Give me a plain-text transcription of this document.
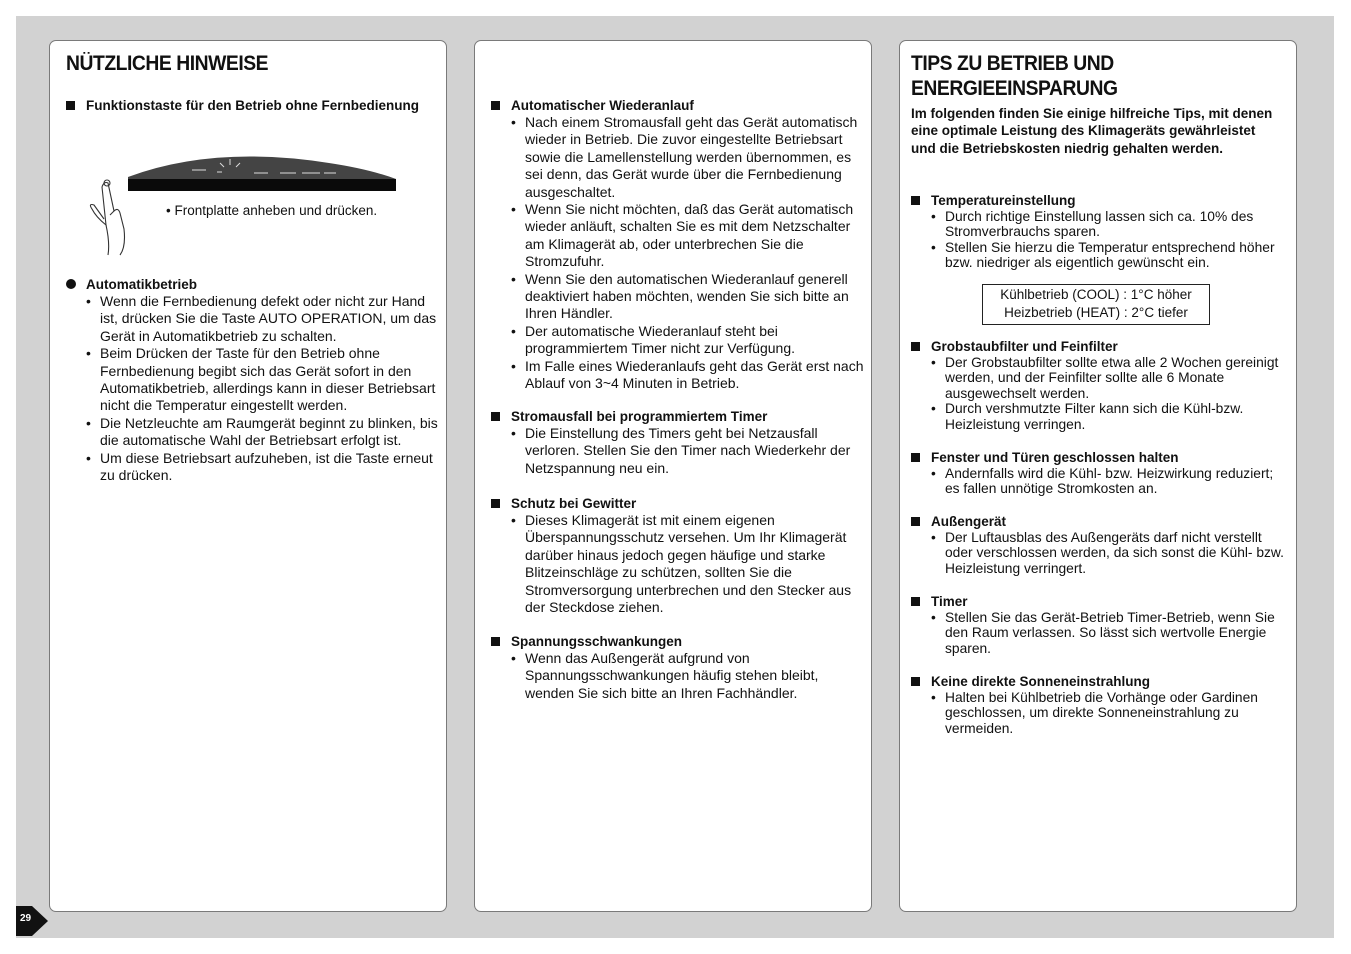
NÜTZLICHE HINWEISE
Funktionstaste für den Betrieb ohne Fernbedienung
• Frontplatte anheben und drücken.
Automatikbetrieb
• Wenn die Fernbedienung defekt oder nicht zur Hand ist, drücken Sie die Taste AUTO OPERATION, um das Gerät in Automatikbetrieb zu schalten.
• Beim Drücken der Taste für den Betrieb ohne Fernbedienung begibt sich das Gerät sofort in den Automatikbetrieb, allerdings kann in dieser Betriebsart nicht die Temperatur eingestellt werden.
• Die Netzleuchte am Raumgerät beginnt zu blinken, bis die automatische Wahl der Betriebsart erfolgt ist.
• Um diese Betriebsart aufzuheben, ist die Taste erneut zu drücken.
Automatischer Wiederanlauf
• Nach einem Stromausfall geht das Gerät automatisch wieder in Betrieb. Die zuvor eingestellte Betriebsart sowie die Lamellenstellung werden übernommen, es sei denn, das Gerät wurde über die Fernbedienung ausgeschaltet.
• Wenn Sie nicht möchten, daß das Gerät automatisch wieder anläuft, schalten Sie es mit dem Netzschalter am Klimagerät ab, oder unterbrechen Sie die Stromzufuhr.
• Wenn Sie den automatischen Wiederanlauf generell deaktiviert haben möchten, wenden Sie sich bitte an Ihren Händler.
• Der automatische Wiederanlauf steht bei programmiertem Timer nicht zur Verfügung.
• Im Falle eines Wiederanlaufs geht das Gerät erst nach Ablauf von 3~4 Minuten in Betrieb.
Stromausfall bei programmiertem Timer
• Die Einstellung des Timers geht bei Netzausfall verloren. Stellen Sie den Timer nach Wiederkehr der Netzspannung neu ein.
Schutz bei Gewitter
• Dieses Klimagerät ist mit einem eigenen Überspannungsschutz versehen. Um Ihr Klimagerät darüber hinaus jedoch gegen häufige und starke Blitzeinschläge zu schützen, sollten Sie die Stromversorgung unterbrechen und den Stecker aus der Steckdose ziehen.
Spannungsschwankungen
• Wenn das Außengerät aufgrund von Spannungsschwankungen häufig stehen bleibt, wenden Sie sich bitte an Ihren Fachhändler.
TIPS ZU BETRIEB UND
ENERGIEEINSPARUNG
Im folgenden finden Sie einige hilfreiche Tips, mit denen eine optimale Leistung des Klimageräts gewährleistet und die Betriebskosten niedrig gehalten werden.
Temperatureinstellung
• Durch richtige Einstellung lassen sich ca. 10% des Stromverbrauchs sparen.
• Stellen Sie hierzu die Temperatur entsprechend höher bzw. niedriger als eigentlich gewünscht ein.
Kühlbetrieb (COOL) : 1°C höher
Heizbetrieb (HEAT) : 2°C tiefer
Grobstaubfilter und Feinfilter
• Der Grobstaubfilter sollte etwa alle 2 Wochen gereinigt werden, und der Feinfilter sollte alle 6 Monate ausgewechselt werden.
• Durch vershmutzte Filter kann sich die Kühl-bzw. Heizleistung verringen.
Fenster und Türen geschlossen halten
• Andernfalls wird die Kühl- bzw. Heizwirkung reduziert; es fallen unnötige Stromkosten an.
Außengerät
• Der Luftausblas des Außengeräts darf nicht verstellt oder verschlossen werden, da sich sonst die Kühl- bzw. Heizleistung verringert.
Timer
• Stellen Sie das Gerät-Betrieb Timer-Betrieb, wenn Sie den Raum verlassen. So lässt sich wertvolle Energie sparen.
Keine direkte Sonneneinstrahlung
• Halten bei Kühlbetrieb die Vorhänge oder Gardinen geschlossen, um direkte Sonneneinstrahlung zu vermeiden.
29
